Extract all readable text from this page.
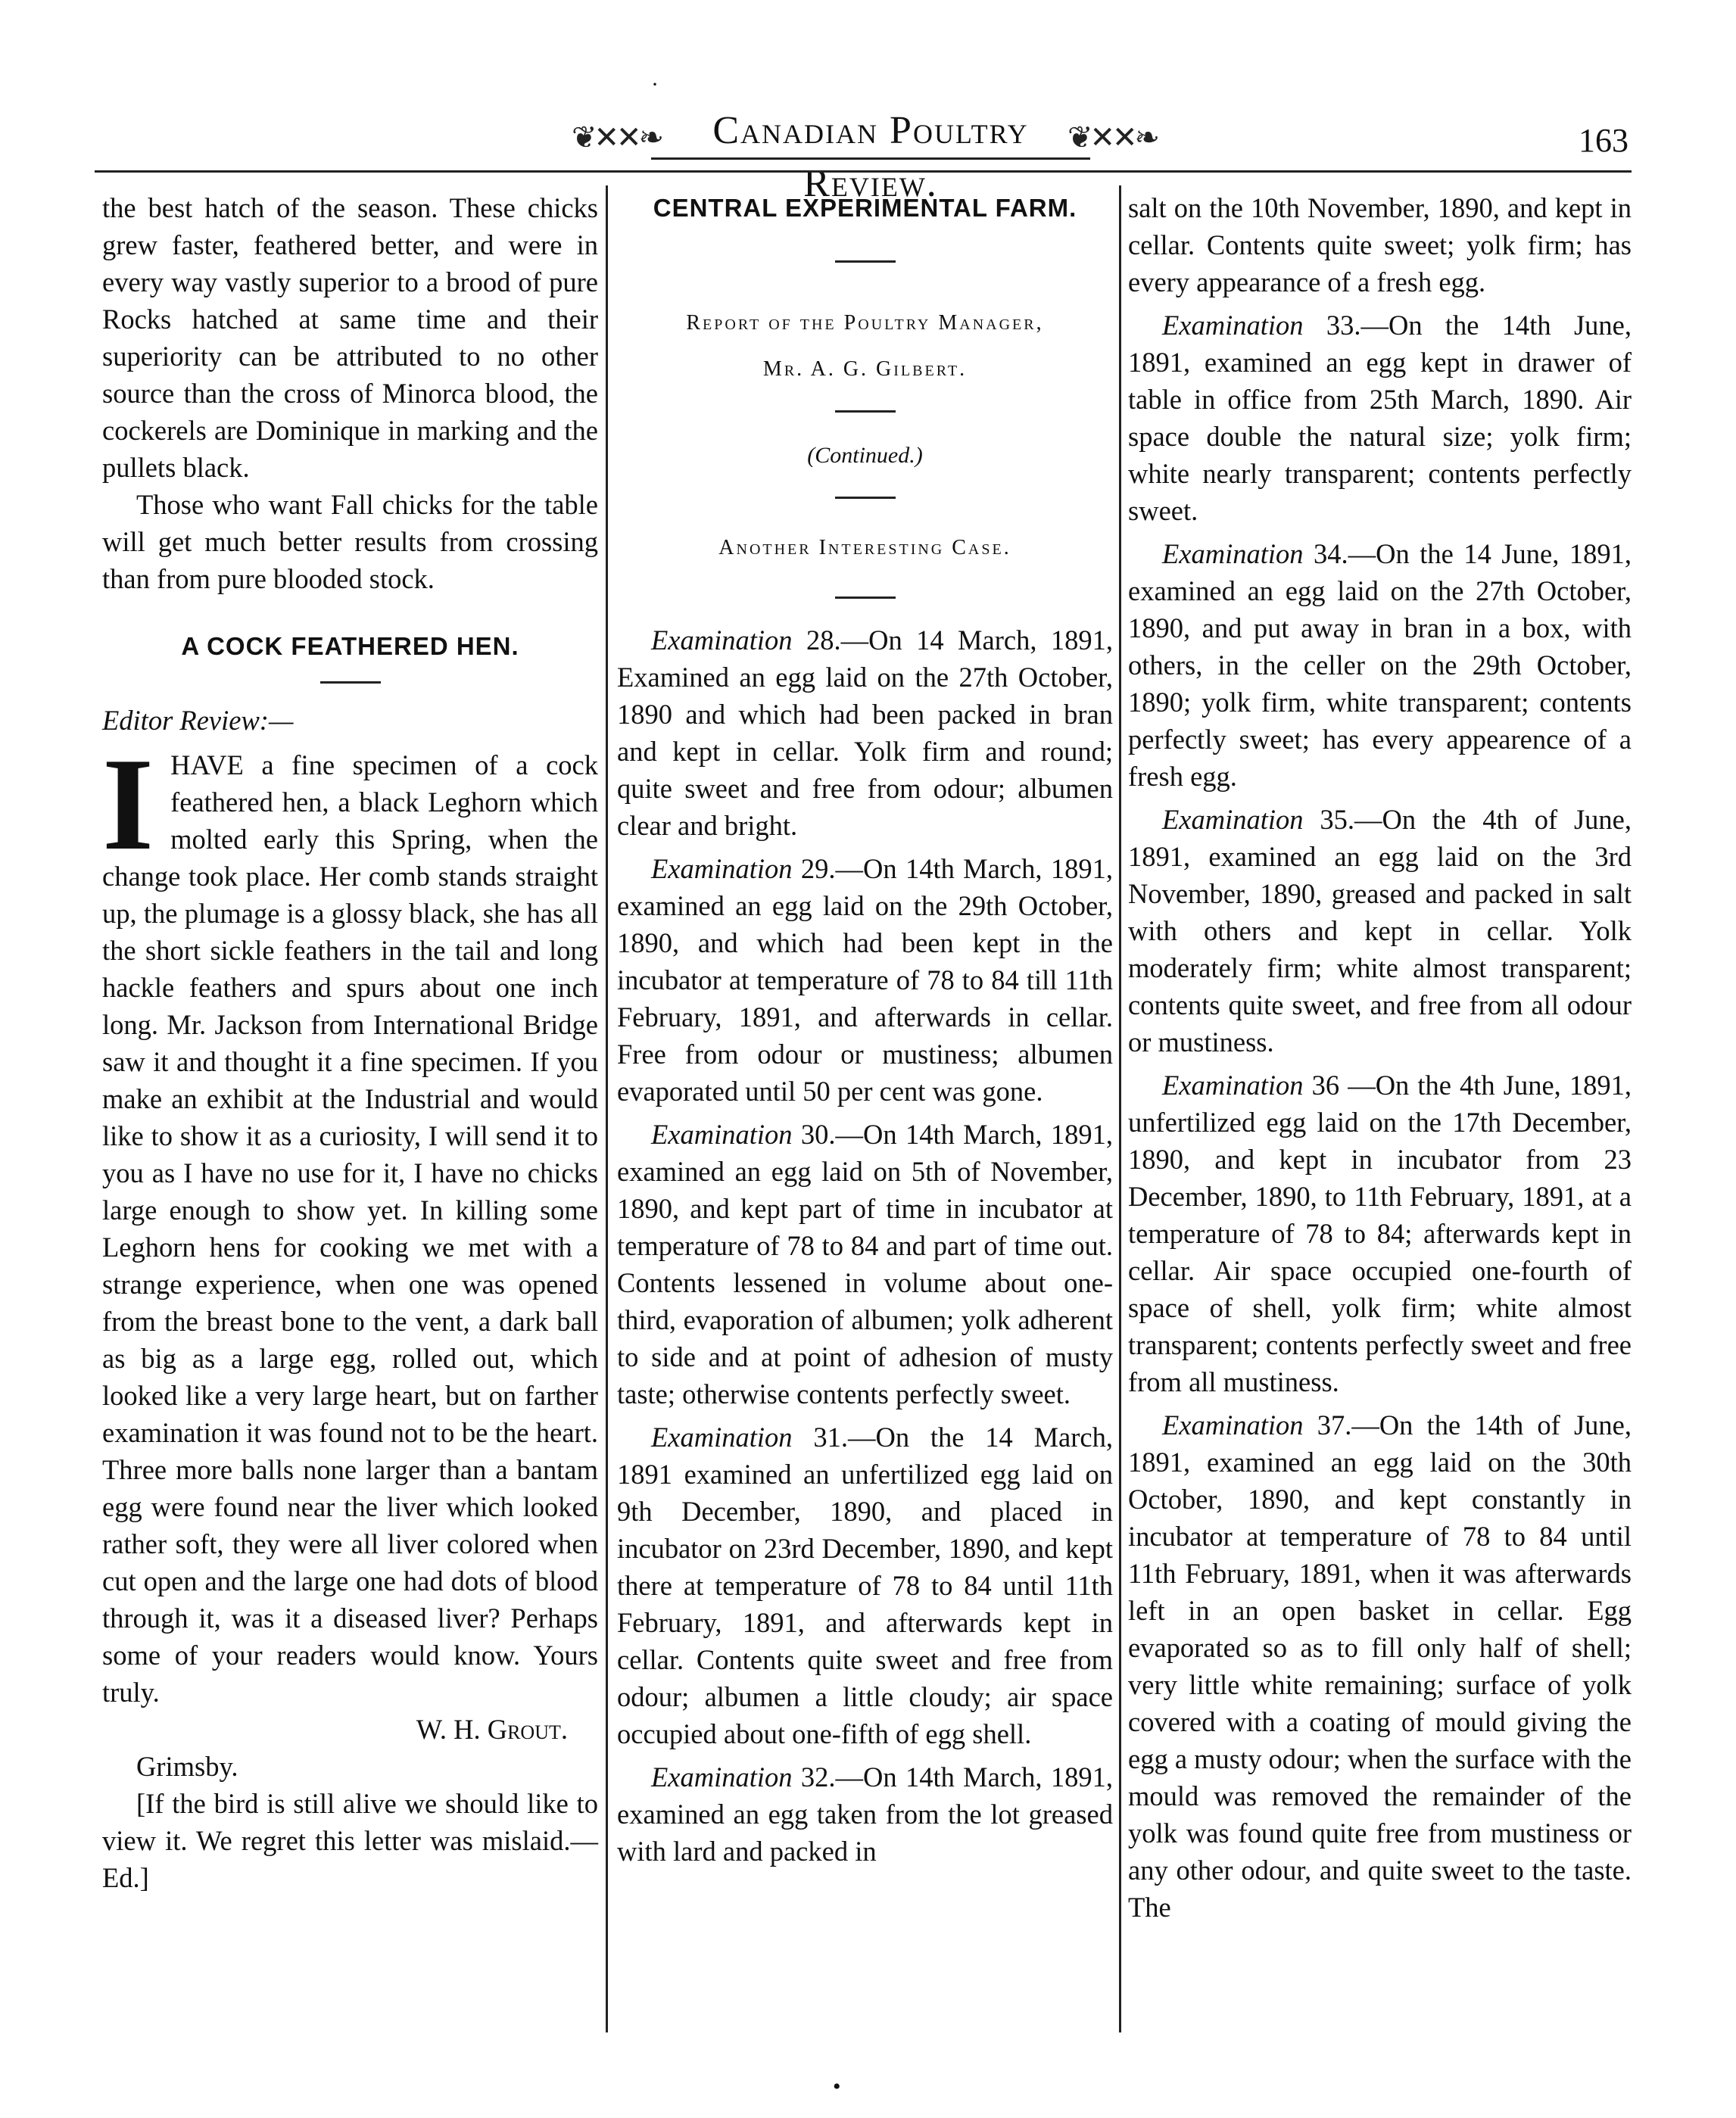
❦✕✕❧	Canadian Poultry Review.
❦✕✕❧	163

the best hatch of the season. These chicks grew faster, feathered better, and were in every way vastly superior to a brood of pure Rocks hatched at same time and their superiority can be attributed to no other source than the cross of Minorca blood, the cockerels are Dominique in marking and the pullets black.

Those who want Fall chicks for the table will get much better results from crossing than from pure blooded stock.

A COCK FEATHERED HEN.

Editor Review:—

IHAVE a fine specimen of a cock feathered hen, a black Leghorn which molted early this Spring, when the change took place. Her comb stands straight up, the plumage is a glossy black, she has all the short sickle feathers in the tail and long hackle feathers and spurs about one inch long. Mr. Jackson from International Bridge saw it and thought it a fine specimen. If you make an exhibit at the Industrial and would like to show it as a curiosity, I will send it to you as I have no use for it, I have no chicks large enough to show yet. In killing some Leghorn hens for cooking we met with a strange experience, when one was opened from the breast bone to the vent, a dark ball as big as a large egg, rolled out, which looked like a very large heart, but on farther examination it was found not to be the heart. Three more balls none larger than a bantam egg were found near the liver which looked rather soft, they were all liver colored when cut open and the large one had dots of blood through it, was it a diseased liver? Perhaps some of your readers would know. Yours truly.

W. H. Grout.

Grimsby.

[If the bird is still alive we should like to view it. We regret this letter was mislaid.—Ed.]

CENTRAL EXPERIMENTAL FARM.

Report of the Poultry Manager,

Mr. A. G. Gilbert.

(Continued.)

Another Interesting Case.

Examination 28.—On 14 March, 1891, Examined an egg laid on the 27th October, 1890 and which had been packed in bran and kept in cellar. Yolk firm and round; quite sweet and free from odour; albumen clear and bright.

Examination 29.—On 14th March, 1891, examined an egg laid on the 29th October, 1890, and which had been kept in the incubator at temperature of 78 to 84 till 11th February, 1891, and afterwards in cellar. Free from odour or mustiness; albumen evaporated until 50 per cent was gone.

Examination 30.—On 14th March, 1891, examined an egg laid on 5th of November, 1890, and kept part of time in incubator at temperature of 78 to 84 and part of time out. Contents lessened in volume about one-third, evaporation of albumen; yolk adherent to side and at point of adhesion of musty taste; otherwise contents perfectly sweet.

Examination 31.—On the 14 March, 1891 examined an unfertilized egg laid on 9th December, 1890, and placed in incubator on 23rd December, 1890, and kept there at temperature of 78 to 84 until 11th February, 1891, and afterwards kept in cellar. Contents quite sweet and free from odour; albumen a little cloudy; air space occupied about one-fifth of egg shell.

Examination 32.—On 14th March, 1891, examined an egg taken from the lot greased with lard and packed in

salt on the 10th November, 1890, and kept in cellar. Contents quite sweet; yolk firm; has every appearance of a fresh egg.

Examination 33.—On the 14th June, 1891, examined an egg kept in drawer of table in office from 25th March, 1890. Air space double the natural size; yolk firm; white nearly transparent; contents perfectly sweet.

Examination 34.—On the 14 June, 1891, examined an egg laid on the 27th October, 1890, and put away in bran in a box, with others, in the celler on the 29th October, 1890; yolk firm, white transparent; contents perfectly sweet; has every appearence of a fresh egg.

Examination 35.—On the 4th of June, 1891, examined an egg laid on the 3rd November, 1890, greased and packed in salt with others and kept in cellar. Yolk moderately firm; white almost transparent; contents quite sweet, and free from all odour or mustiness.

Examination 36 —On the 4th June, 1891, unfertilized egg laid on the 17th December, 1890, and kept in incubator from 23 December, 1890, to 11th February, 1891, at a temperature of 78 to 84; afterwards kept in cellar. Air space occupied one-fourth of space of shell, yolk firm; white almost transparent; contents perfectly sweet and free from all mustiness.

Examination 37.—On the 14th of June, 1891, examined an egg laid on the 30th October, 1890, and kept constantly in incubator at temperature of 78 to 84 until 11th February, 1891, when it was afterwards left in an open basket in cellar. Egg evaporated so as to fill only half of shell; very little white remaining; surface of yolk covered with a coating of mould giving the egg a musty odour; when the surface with the mould was removed the remainder of the yolk was found quite free from mustiness or any other odour, and quite sweet to the taste. The

·
•
